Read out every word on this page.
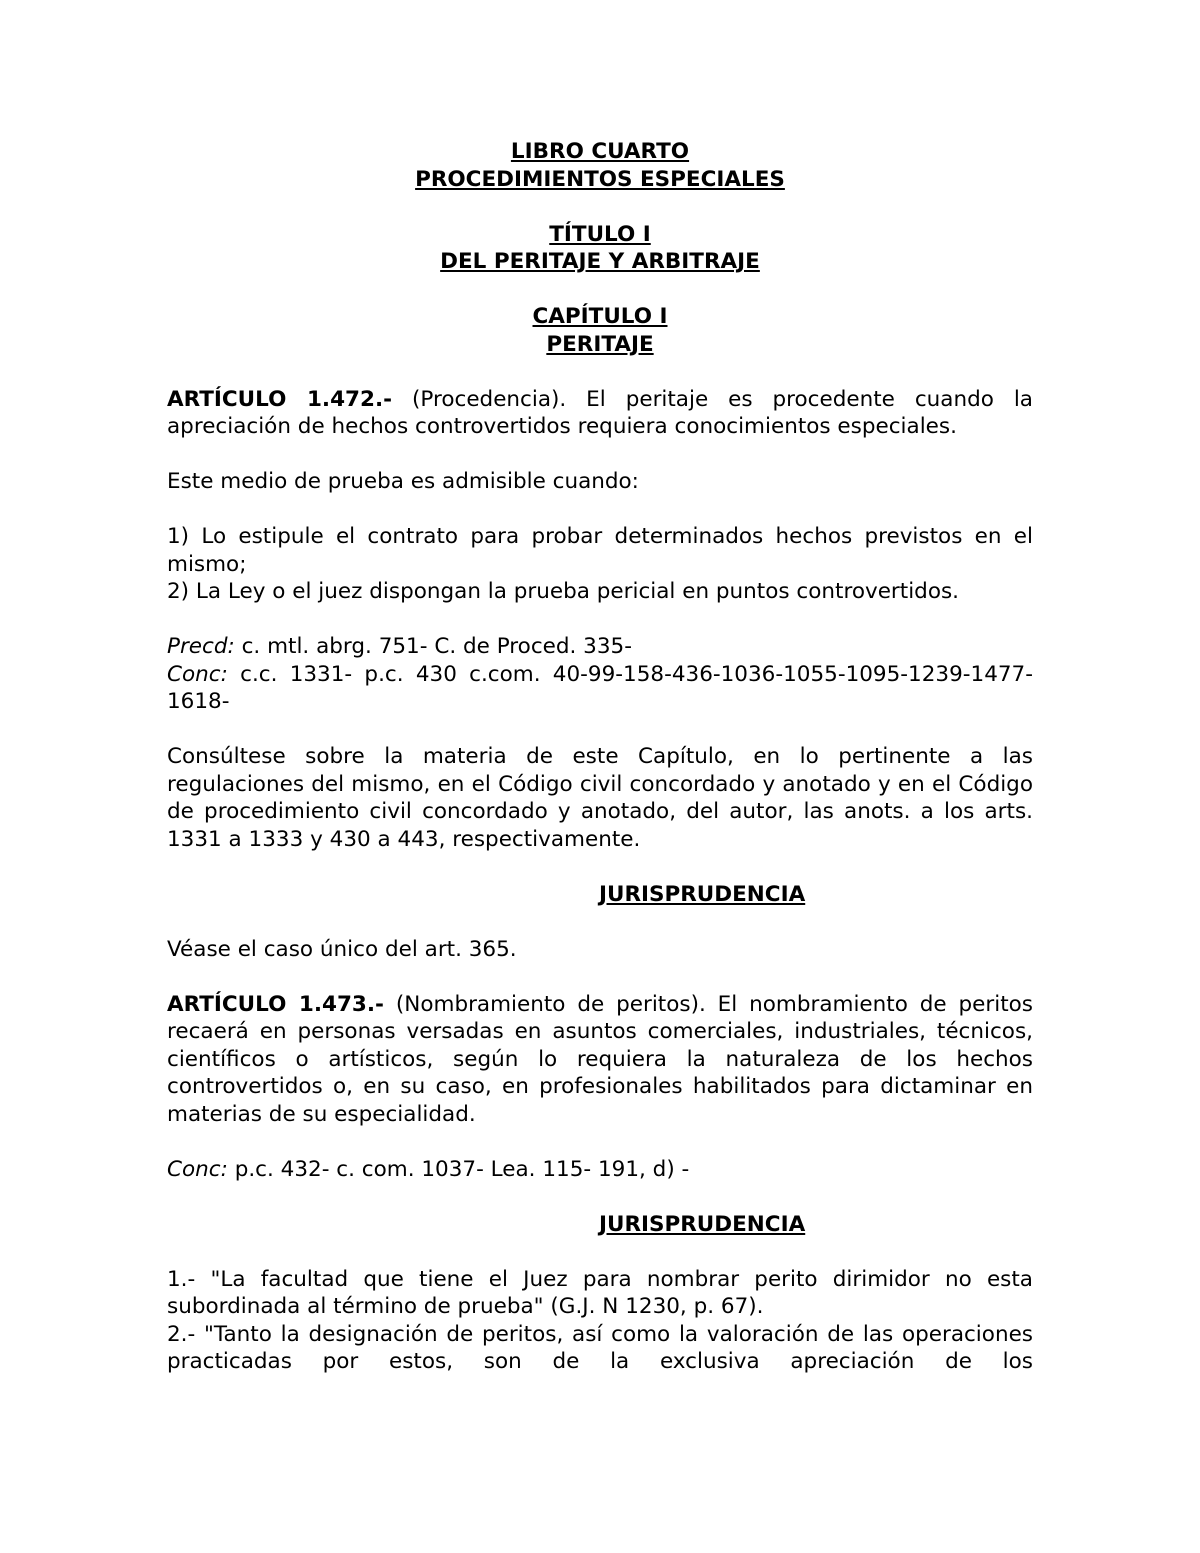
LIBRO CUARTO

PROCEDIMIENTOS ESPECIALES

TÍTULO I

DEL PERITAJE Y ARBITRAJE

CAPÍTULO I

PERITAJE

ARTÍCULO 1.472.- (Procedencia). El peritaje es procedente cuando la apreciación de hechos controvertidos requiera conocimientos especiales.

Este medio de prueba es admisible cuando:

1) Lo estipule el contrato para probar determinados hechos previstos en el mismo;

2) La Ley o el juez dispongan la prueba pericial en puntos controvertidos.

Precd: c. mtl. abrg. 751- C. de Proced. 335-

Conc: c.c. 1331- p.c. 430 c.com. 40-99-158-436-1036-1055-1095-1239-1477-1618-

Consúltese sobre la materia de este Capítulo, en lo pertinente a las regulaciones del mismo, en el Código civil concordado y anotado y en el Código de procedimiento civil concordado y anotado, del autor, las anots. a los arts. 1331 a 1333 y 430 a 443, respectivamente.

JURISPRUDENCIA

Véase el caso único del art. 365.

ARTÍCULO 1.473.- (Nombramiento de peritos). El nombramiento de peritos recaerá en personas versadas en asuntos comerciales, industriales, técnicos, científicos o artísticos, según lo requiera la naturaleza de los hechos controvertidos o, en su caso, en profesionales habilitados para dictaminar en materias de su especialidad.

Conc: p.c. 432- c. com. 1037- Lea. 115- 191, d) -

JURISPRUDENCIA

1.- "La facultad que tiene el Juez para nombrar perito dirimidor no esta subordinada al término de prueba" (G.J. N 1230, p. 67).

2.- "Tanto la designación de peritos, así como la valoración de las operaciones practicadas por estos, son de la exclusiva apreciación de los
